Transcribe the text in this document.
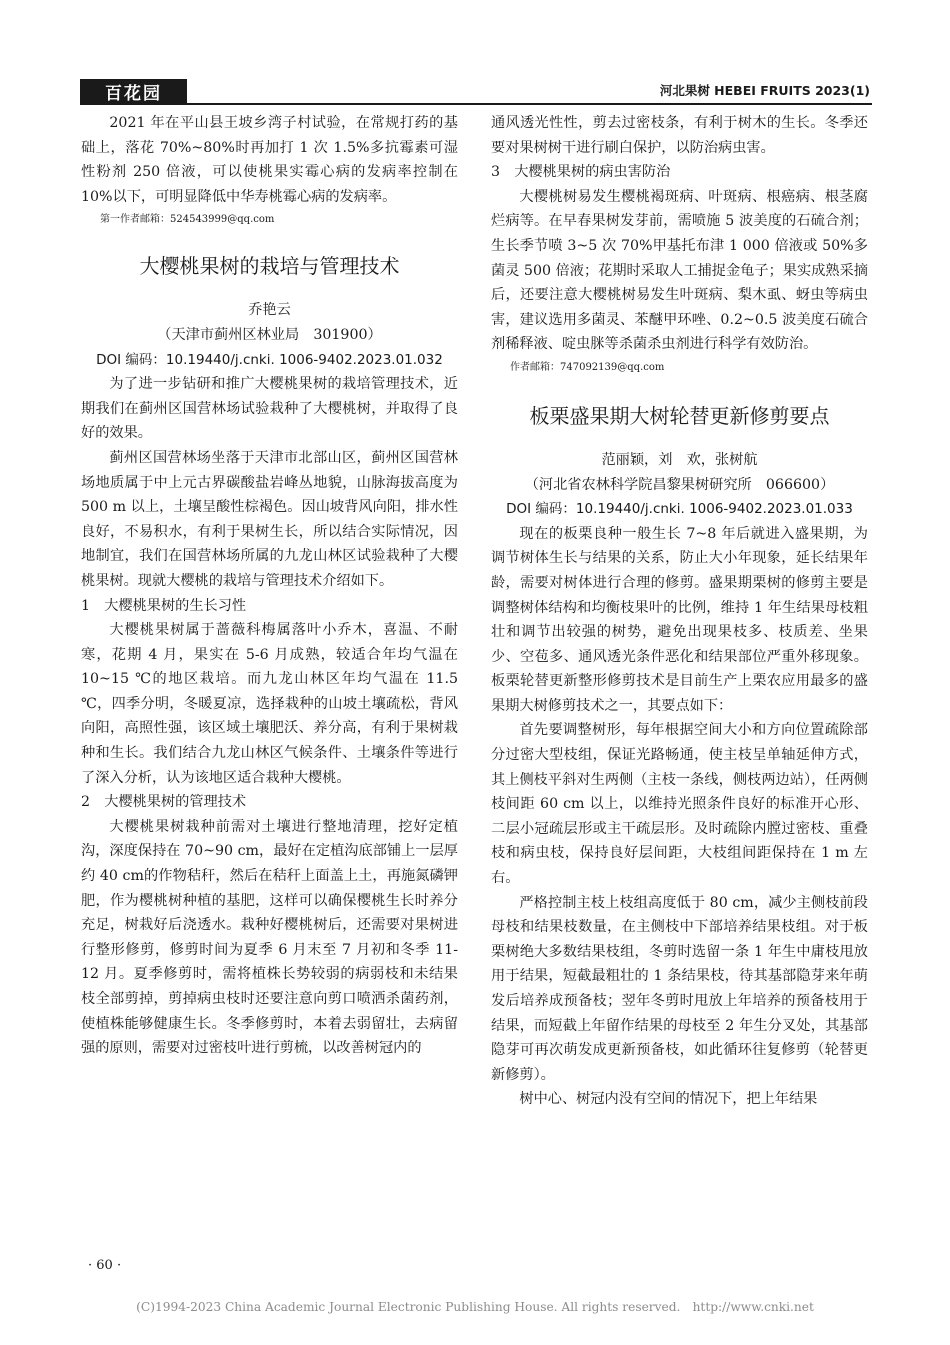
百花园	河北果树 HEBEI FRUITS 2023(1)

2021 年在平山县王坡乡湾子村试验，在常规打药的基础上，落花 70%~80%时再加打 1 次 1.5%多抗霉素可湿性粉剂 250 倍液，可以使桃果实霉心病的发病率控制在 10%以下，可明显降低中华寿桃霉心病的发病率。

第一作者邮箱：524543999@qq.com

大樱桃果树的栽培与管理技术
乔艳云
（天津市蓟州区林业局　301900）
DOI 编码：10.19440/j.cnki. 1006-9402.2023.01.032

为了进一步钻研和推广大樱桃果树的栽培管理技术，近期我们在蓟州区国营林场试验栽种了大樱桃树，并取得了良好的效果。

蓟州区国营林场坐落于天津市北部山区，蓟州区国营林场地质属于中上元古界碳酸盐岩峰丛地貌，山脉海拔高度为 500 m 以上，土壤呈酸性棕褐色。因山坡背风向阳，排水性良好，不易积水，有利于果树生长，所以结合实际情况，因地制宜，我们在国营林场所属的九龙山林区试验栽种了大樱桃果树。现就大樱桃的栽培与管理技术介绍如下。

1　大樱桃果树的生长习性

大樱桃果树属于蔷薇科梅属落叶小乔木，喜温、不耐寒，花期 4 月，果实在 5-6 月成熟，较适合年均气温在 10~15 ℃的地区栽培。而九龙山林区年均气温在 11.5 ℃，四季分明，冬暖夏凉，选择栽种的山坡土壤疏松，背风向阳，高照性强，该区域土壤肥沃、养分高，有利于果树栽种和生长。我们结合九龙山林区气候条件、土壤条件等进行了深入分析，认为该地区适合栽种大樱桃。

2　大樱桃果树的管理技术

大樱桃果树栽种前需对土壤进行整地清理，挖好定植沟，深度保持在 70~90 cm，最好在定植沟底部铺上一层厚约 40 cm的作物秸秆，然后在秸秆上面盖上土，再施氮磷钾肥，作为樱桃树种植的基肥，这样可以确保樱桃生长时养分充足，树栽好后浇透水。栽种好樱桃树后，还需要对果树进行整形修剪，修剪时间为夏季 6 月末至 7 月初和冬季 11-12 月。夏季修剪时，需将植株长势较弱的病弱枝和未结果枝全部剪掉，剪掉病虫枝时还要注意向剪口喷洒杀菌药剂，使植株能够健康生长。冬季修剪时，本着去弱留壮，去病留强的原则，需要对过密枝叶进行剪梳，以改善树冠内的

通风透光性性，剪去过密枝条，有利于树木的生长。冬季还要对果树树干进行刷白保护，以防治病虫害。

3　大樱桃果树的病虫害防治

大樱桃树易发生樱桃褐斑病、叶斑病、根癌病、根茎腐烂病等。在早春果树发芽前，需喷施 5 波美度的石硫合剂；生长季节喷 3~5 次 70%甲基托布津 1 000 倍液或 50%多菌灵 500 倍液；花期时采取人工捕捉金龟子；果实成熟采摘后，还要注意大樱桃树易发生叶斑病、梨木虱、蚜虫等病虫害，建议选用多菌灵、苯醚甲环唑、0.2~0.5 波美度石硫合剂稀释液、啶虫脒等杀菌杀虫剂进行科学有效防治。

作者邮箱：747092139@qq.com

板栗盛果期大树轮替更新修剪要点
范丽颖，刘　欢，张树航
（河北省农林科学院昌黎果树研究所　066600）
DOI 编码：10.19440/j.cnki. 1006-9402.2023.01.033

现在的板栗良种一般生长 7~8 年后就进入盛果期，为调节树体生长与结果的关系，防止大小年现象，延长结果年龄，需要对树体进行合理的修剪。盛果期栗树的修剪主要是调整树体结构和均衡枝果叶的比例，维持 1 年生结果母枝粗壮和调节出较强的树势，避免出现果枝多、枝质差、坐果少、空苞多、通风透光条件恶化和结果部位严重外移现象。板栗轮替更新整形修剪技术是目前生产上栗农应用最多的盛果期大树修剪技术之一，其要点如下：

首先要调整树形，每年根据空间大小和方向位置疏除部分过密大型枝组，保证光路畅通，使主枝呈单轴延伸方式，其上侧枝平斜对生两侧（主枝一条线，侧枝两边站），任两侧枝间距 60 cm 以上，以维持光照条件良好的标准开心形、二层小冠疏层形或主干疏层形。及时疏除内膛过密枝、重叠枝和病虫枝，保持良好层间距，大枝组间距保持在 1 m 左右。

严格控制主枝上枝组高度低于 80 cm，减少主侧枝前段母枝和结果枝数量，在主侧枝中下部培养结果枝组。对于板栗树绝大多数结果枝组，冬剪时选留一条 1 年生中庸枝甩放用于结果，短截最粗壮的 1 条结果枝，待其基部隐芽来年萌发后培养成预备枝；翌年冬剪时甩放上年培养的预备枝用于结果，而短截上年留作结果的母枝至 2 年生分叉处，其基部隐芽可再次萌发成更新预备枝，如此循环往复修剪（轮替更新修剪）。

树中心、树冠内没有空间的情况下，把上年结果

· 60 ·
(C)1994-2023 China Academic Journal Electronic Publishing House. All rights reserved.　http://www.cnki.net
